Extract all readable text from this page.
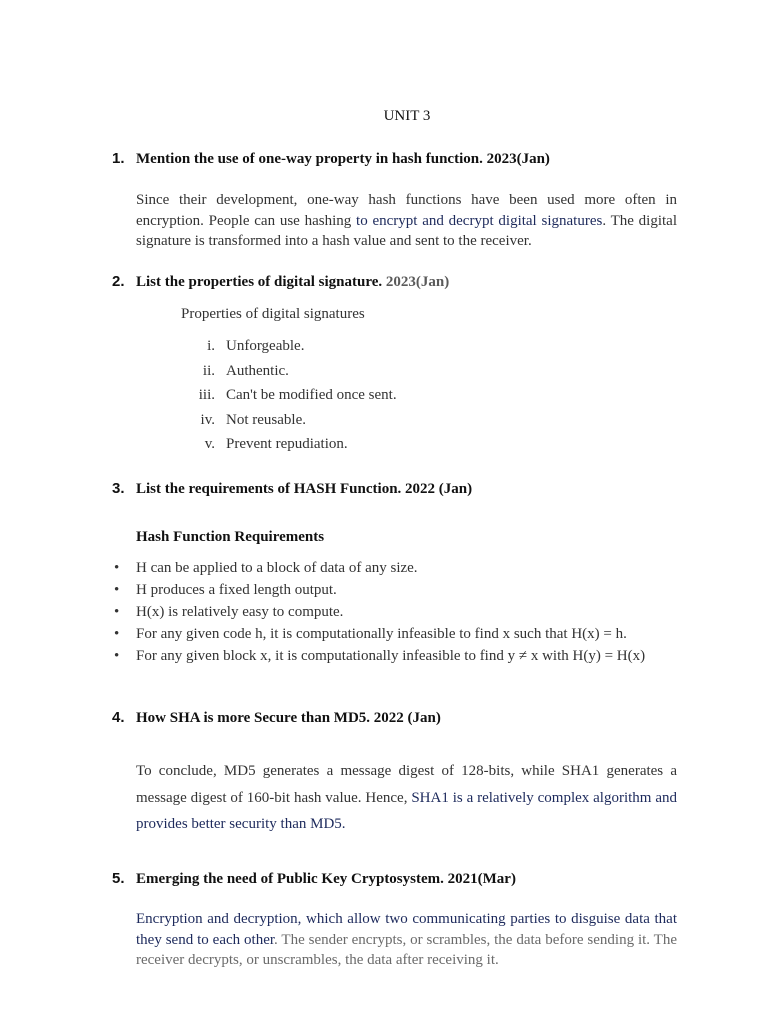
UNIT 3
1. Mention the use of one-way property in hash function. 2023(Jan)
Since their development, one-way hash functions have been used more often in encryption. People can use hashing to encrypt and decrypt digital signatures. The digital signature is transformed into a hash value and sent to the receiver.
2. List the properties of digital signature. 2023(Jan)
Properties of digital signatures
i. Unforgeable.
ii. Authentic.
iii. Can't be modified once sent.
iv. Not reusable.
v. Prevent repudiation.
3. List the requirements of HASH Function. 2022 (Jan)
Hash Function Requirements
• H can be applied to a block of data of any size.
• H produces a fixed length output.
• H(x) is relatively easy to compute.
• For any given code h, it is computationally infeasible to find x such that H(x) = h.
• For any given block x, it is computationally infeasible to find y ≠ x with H(y) = H(x)
4. How SHA is more Secure than MD5. 2022 (Jan)
To conclude, MD5 generates a message digest of 128-bits, while SHA1 generates a message digest of 160-bit hash value. Hence, SHA1 is a relatively complex algorithm and provides better security than MD5.
5. Emerging the need of Public Key Cryptosystem. 2021(Mar)
Encryption and decryption, which allow two communicating parties to disguise data that they send to each other. The sender encrypts, or scrambles, the data before sending it. The receiver decrypts, or unscrambles, the data after receiving it.
